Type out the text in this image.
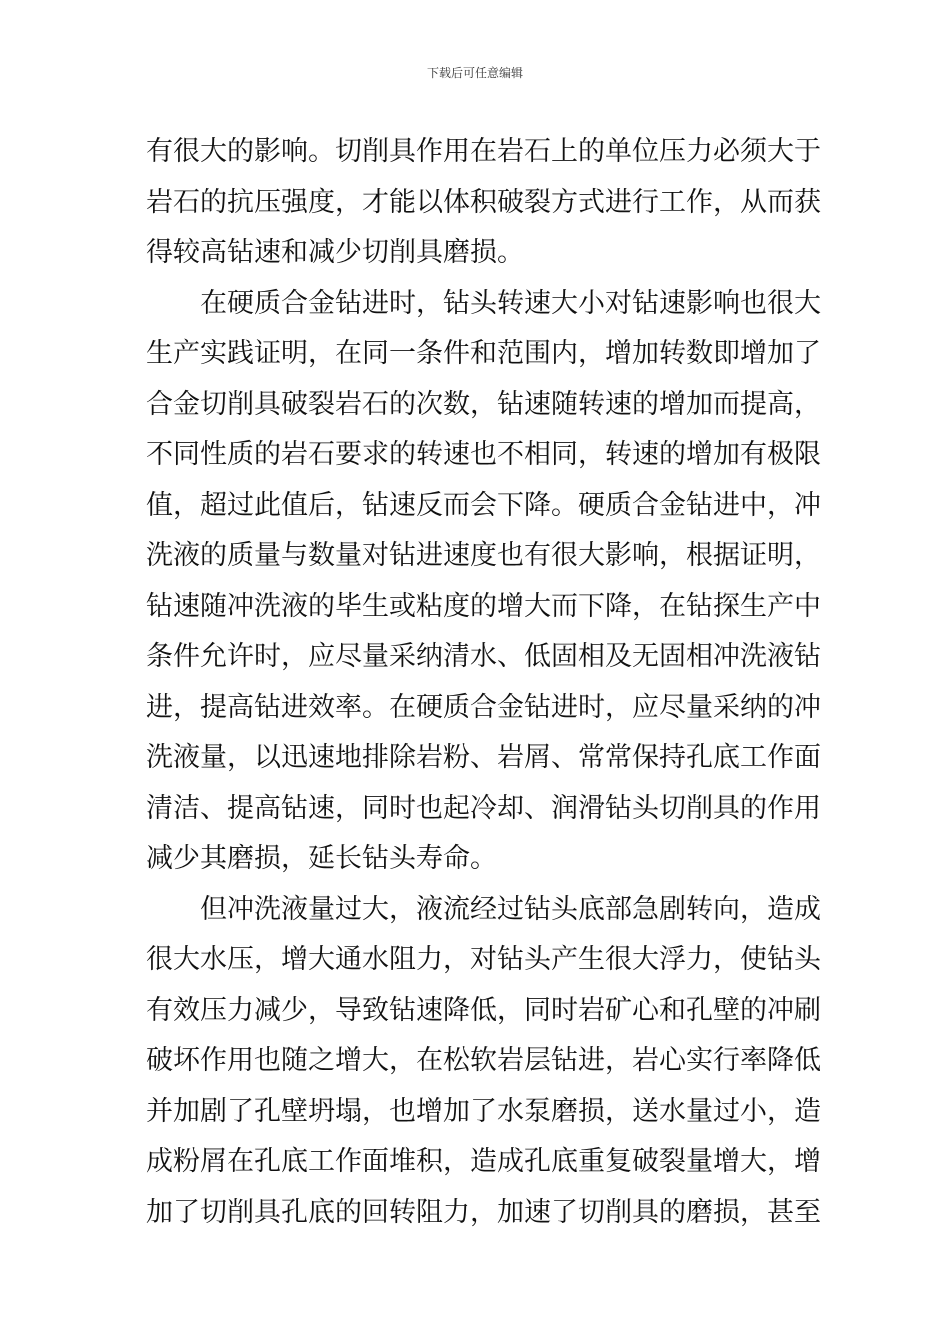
下载后可任意编辑
有很大的影响。切削具作用在岩石上的单位压力必须大于
岩石的抗压强度，才能以体积破裂方式进行工作，从而获
得较高钻速和减少切削具磨损。
在硬质合金钻进时，钻头转速大小对钻速影响也很大
生产实践证明，在同一条件和范围内，增加转数即增加了
合金切削具破裂岩石的次数，钻速随转速的增加而提高，
不同性质的岩石要求的转速也不相同，转速的增加有极限
值，超过此值后，钻速反而会下降。硬质合金钻进中，冲
洗液的质量与数量对钻进速度也有很大影响，根据证明，
钻速随冲洗液的毕生或粘度的增大而下降，在钻探生产中
条件允许时，应尽量采纳清水、低固相及无固相冲洗液钻
进，提高钻进效率。在硬质合金钻进时，应尽量采纳的冲
洗液量，以迅速地排除岩粉、岩屑、常常保持孔底工作面
清洁、提高钻速，同时也起冷却、润滑钻头切削具的作用
减少其磨损，延长钻头寿命。
但冲洗液量过大，液流经过钻头底部急剧转向，造成
很大水压，增大通水阻力，对钻头产生很大浮力，使钻头
有效压力减少，导致钻速降低，同时岩矿心和孔壁的冲刷
破坏作用也随之增大，在松软岩层钻进，岩心实行率降低
并加剧了孔壁坍塌，也增加了水泵磨损，送水量过小，造
成粉屑在孔底工作面堆积，造成孔底重复破裂量增大，增
加了切削具孔底的回转阻力，加速了切削具的磨损，甚至
